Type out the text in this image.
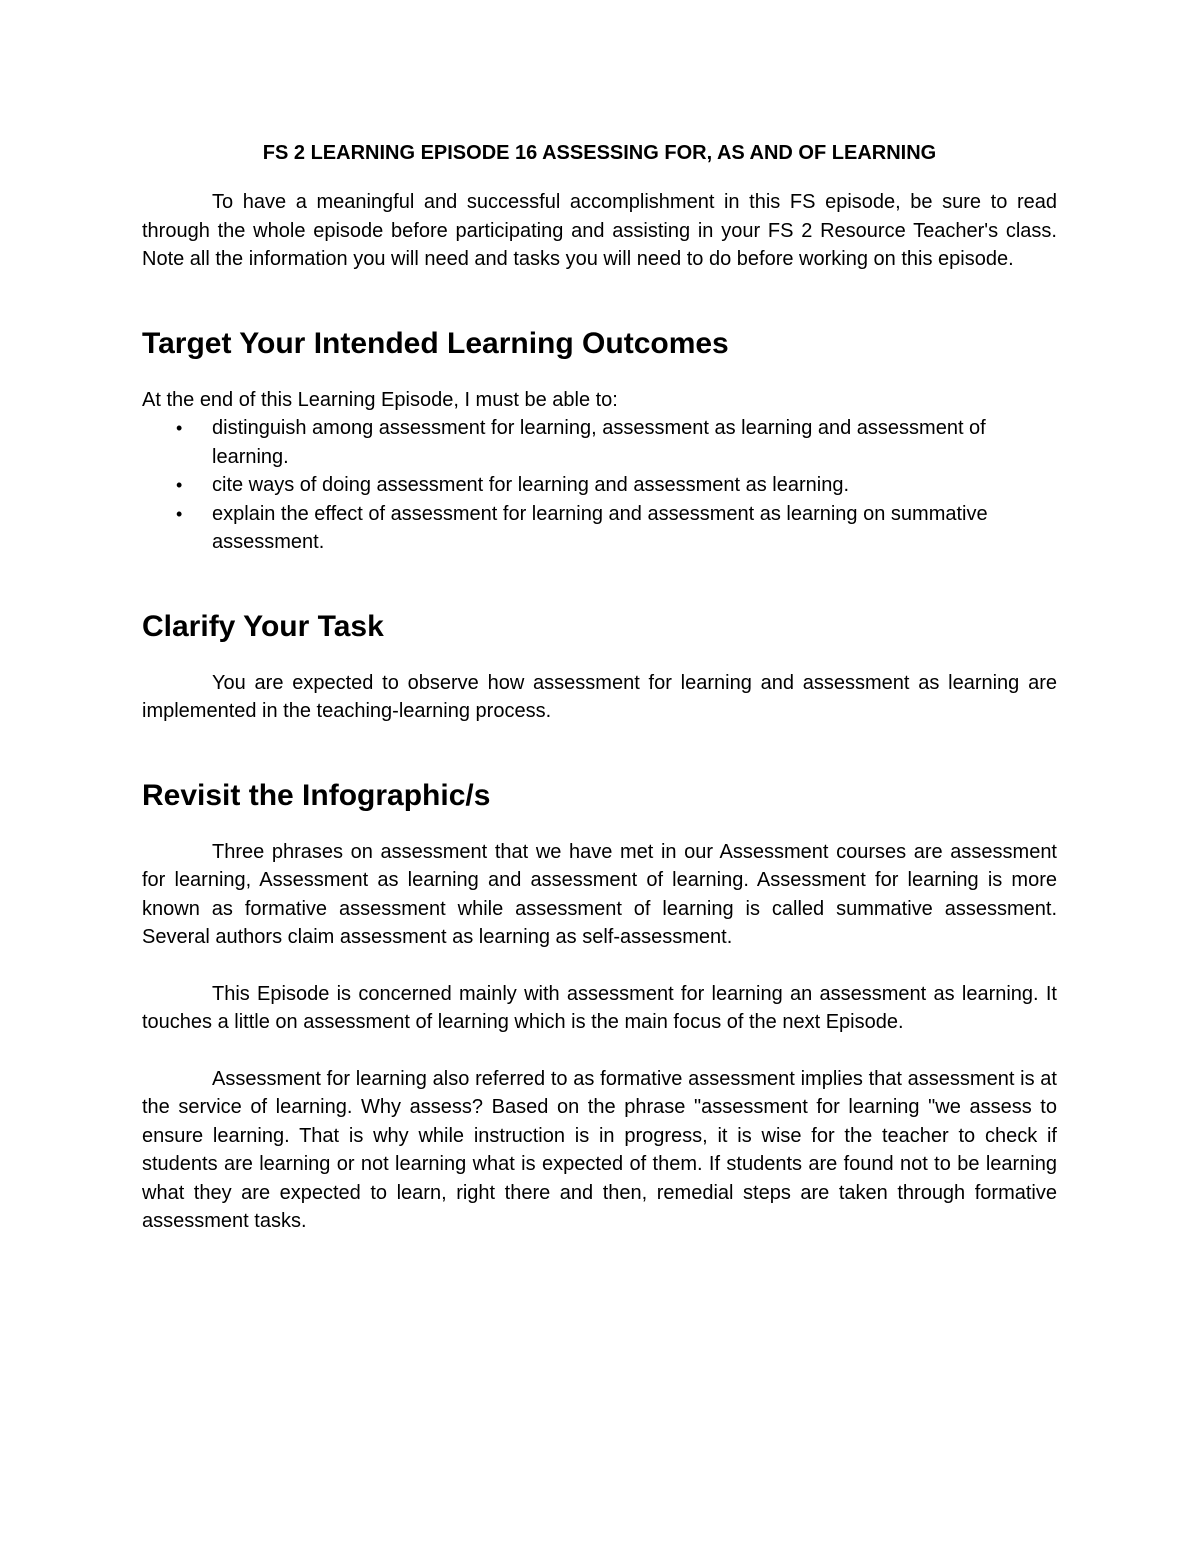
FS 2 LEARNING EPISODE 16 ASSESSING FOR, AS AND OF LEARNING

To have a meaningful and successful accomplishment in this FS episode, be sure to read through the whole episode before participating and assisting in your FS 2 Resource Teacher's class. Note all the information you will need and tasks you will need to do before working on this episode.

Target Your Intended Learning Outcomes

At the end of this Learning Episode, I must be able to:

• distinguish among assessment for learning, assessment as learning and assessment of learning.
• cite ways of doing assessment for learning and assessment as learning.
• explain the effect of assessment for learning and assessment as learning on summative assessment.
Clarify Your Task

You are expected to observe how assessment for learning and assessment as learning are implemented in the teaching-learning process.

Revisit the Infographic/s

Three phrases on assessment that we have met in our Assessment courses are assessment for learning, Assessment as learning and assessment of learning. Assessment for learning is more known as formative assessment while assessment of learning is called summative assessment. Several authors claim assessment as learning as self-assessment.

This Episode is concerned mainly with assessment for learning an assessment as learning. It touches a little on assessment of learning which is the main focus of the next Episode.

Assessment for learning also referred to as formative assessment implies that assessment is at the service of learning. Why assess? Based on the phrase "assessment for learning "we assess to ensure learning. That is why while instruction is in progress, it is wise for the teacher to check if students are learning or not learning what is expected of them. If students are found not to be learning what they are expected to learn, right there and then, remedial steps are taken through formative assessment tasks.
